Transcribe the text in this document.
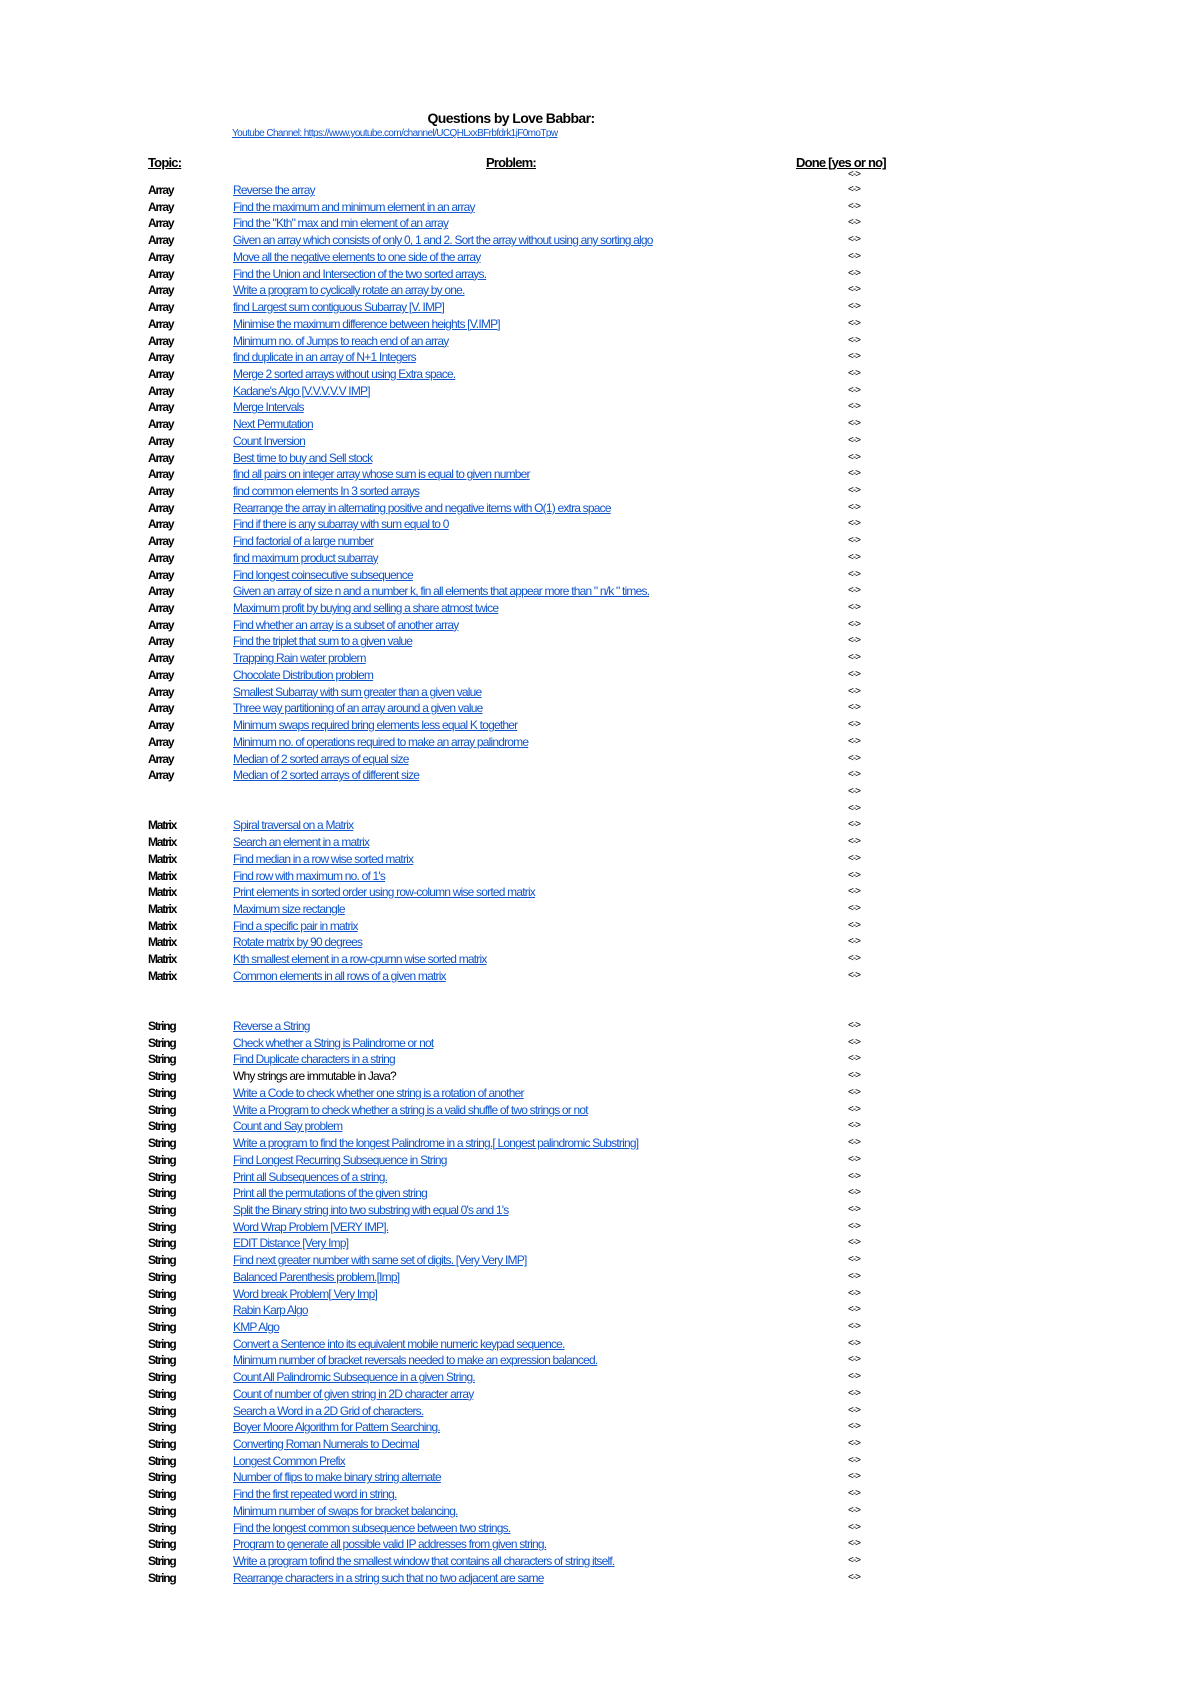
Questions by Love Babbar:
Youtube Channel: https://www.youtube.com/channel/UCQHLxxBFrbfdrk1jF0moTpw
Topic:	Problem:	Done [yes or no]
<->
Array	Reverse the array	<->
Array	Find the maximum and minimum element in an array	<->
Array	Find the "Kth" max and min element of an array	<->
Array	Given an array which consists of only 0, 1 and 2. Sort the array without using any sorting algo	<->
Array	Move all the negative elements to one side of the array	<->
Array	Find the Union and Intersection of the two sorted arrays.	<->
Array	Write a program to cyclically rotate an array by one.	<->
Array	find Largest sum contiguous Subarray [V. IMP]	<->
Array	Minimise the maximum difference between heights [V.IMP]	<->
Array	Minimum no. of Jumps to reach end of an array	<->
Array	find duplicate in an array of N+1 Integers	<->
Array	Merge 2 sorted arrays without using Extra space.	<->
Array	Kadane's Algo [V.V.V.V.V IMP]	<->
Array	Merge Intervals	<->
Array	Next Permutation	<->
Array	Count Inversion	<->
Array	Best time to buy and Sell stock	<->
Array	find all pairs on integer array whose sum is equal to given number	<->
Array	find common elements In 3 sorted arrays	<->
Array	Rearrange the array in alternating positive and negative items with O(1) extra space	<->
Array	Find if there is any subarray with sum equal to 0	<->
Array	Find factorial of a large number	<->
Array	find maximum product subarray	<->
Array	Find longest coinsecutive subsequence	<->
Array	Given an array of size n and a number k, fin all elements that appear more than " n/k " times.	<->
Array	Maximum profit by buying and selling a share atmost twice	<->
Array	Find whether an array is a subset of another array	<->
Array	Find the triplet that sum to a given value	<->
Array	Trapping Rain water problem	<->
Array	Chocolate Distribution problem	<->
Array	Smallest Subarray with sum greater than a given value	<->
Array	Three way partitioning of an array around a given value	<->
Array	Minimum swaps required bring elements less equal K together	<->
Array	Minimum no. of operations required to make an array palindrome	<->
Array	Median of 2 sorted arrays of equal size	<->
Array	Median of 2 sorted arrays of different size	<->
<->
<->
Matrix	Spiral traversal on a Matrix	<->
Matrix	Search an element in a matrix	<->
Matrix	Find median in a row wise sorted matrix	<->
Matrix	Find row with maximum no. of 1's	<->
Matrix	Print elements in sorted order using row-column wise sorted matrix	<->
Matrix	Maximum size rectangle	<->
Matrix	Find a specific pair in matrix	<->
Matrix	Rotate matrix by 90 degrees	<->
Matrix	Kth smallest element in a row-cpumn wise sorted matrix	<->
Matrix	Common elements in all rows of a given matrix	<->
String	Reverse a String	<->
String	Check whether a String is Palindrome or not	<->
String	Find Duplicate characters in a string	<->
String	Why strings are immutable in Java?	<->
String	Write a Code to check whether one string is a rotation of another	<->
String	Write a Program to check whether a string is a valid shuffle of two strings or not	<->
String	Count and Say problem	<->
String	Write a program to find the longest Palindrome in a string.[ Longest palindromic Substring]	<->
String	Find Longest Recurring Subsequence in String	<->
String	Print all Subsequences of a string.	<->
String	Print all the permutations of the given string	<->
String	Split the Binary string into two substring with equal 0's and 1's	<->
String	Word Wrap Problem [VERY IMP].	<->
String	EDIT Distance [Very Imp]	<->
String	Find next greater number with same set of digits. [Very Very IMP]	<->
String	Balanced Parenthesis problem.[Imp]	<->
String	Word break Problem[ Very Imp]	<->
String	Rabin Karp Algo	<->
String	KMP Algo	<->
String	Convert a Sentence into its equivalent mobile numeric keypad sequence.	<->
String	Minimum number of bracket reversals needed to make an expression balanced.	<->
String	Count All Palindromic Subsequence in a given String.	<->
String	Count of number of given string in 2D character array	<->
String	Search a Word in a 2D Grid of characters.	<->
String	Boyer Moore Algorithm for Pattern Searching.	<->
String	Converting Roman Numerals to Decimal	<->
String	Longest Common Prefix	<->
String	Number of flips to make binary string alternate	<->
String	Find the first repeated word in string.	<->
String	Minimum number of swaps for bracket balancing.	<->
String	Find the longest common subsequence between two strings.	<->
String	Program to generate all possible valid IP addresses from given string.	<->
String	Write a program tofind the smallest window that contains all characters of string itself.	<->
String	Rearrange characters in a string such that no two adjacent are same	<->
